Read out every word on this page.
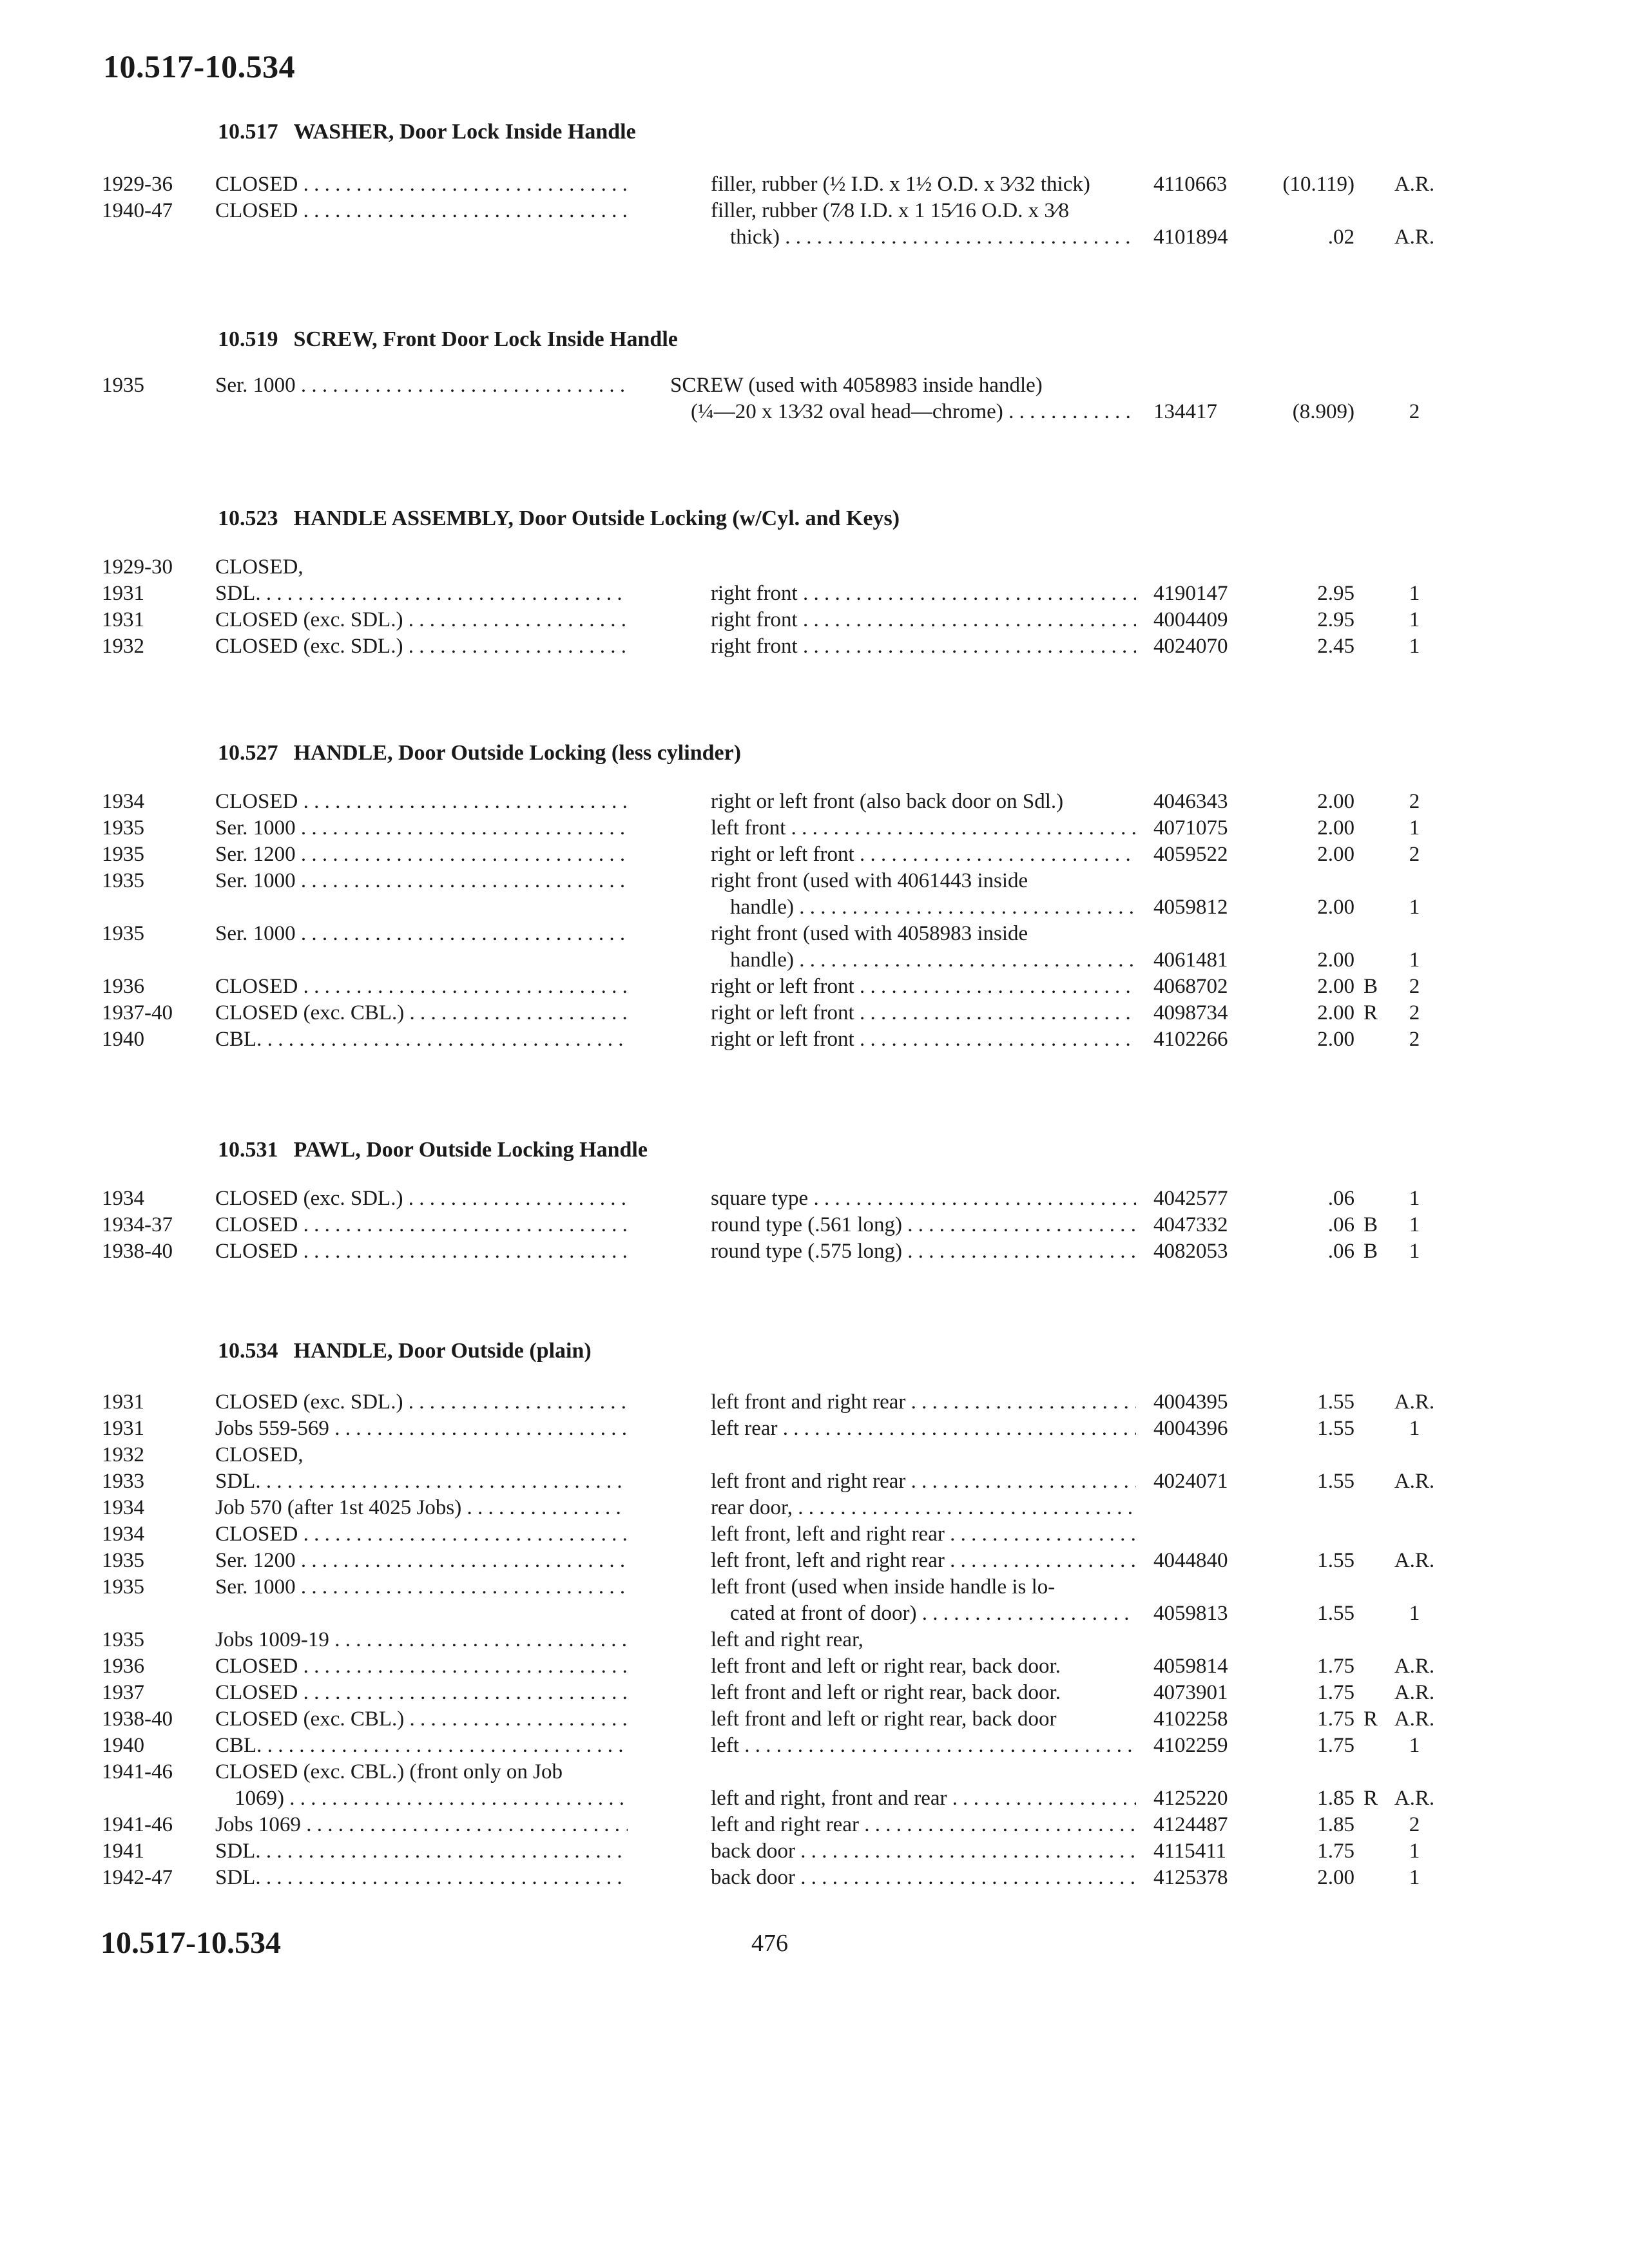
10.517-10.534
10.517 WASHER, Door Lock Inside Handle
1929-36	CLOSED . . .	filler, rubber (½ I.D. x 1½ O.D. x 3⁄32 thick)	4110663	(10.119)	A.R.
1940-47	CLOSED . . .	filler, rubber (7⁄8 I.D. x 1 15⁄16 O.D. x 3⁄8
thick) . . .	4101894	.02	A.R.
10.519 SCREW, Front Door Lock Inside Handle
1935	Ser. 1000 . . .	SCREW (used with 4058983 inside handle)
(¼—20 x 13⁄32 oval head—chrome) . . .	134417	(8.909)	2
10.523 HANDLE ASSEMBLY, Door Outside Locking (w/Cyl. and Keys)
1929-30	CLOSED,
1931	SDL. . . .	right front . . .	4190147	2.95	1
1931	CLOSED (exc. SDL.) . . .	right front . . .	4004409	2.95	1
1932	CLOSED (exc. SDL.) . . .	right front . . .	4024070	2.45	1
10.527 HANDLE, Door Outside Locking (less cylinder)
1934	CLOSED . . .	right or left front (also back door on Sdl.)	4046343	2.00	2
1935	Ser. 1000 . . .	left front . . .	4071075	2.00	1
1935	Ser. 1200 . . .	right or left front . . .	4059522	2.00	2
1935	Ser. 1000 . . .	right front (used with 4061443 inside
handle) . . .	4059812	2.00	1
1935	Ser. 1000 . . .	right front (used with 4058983 inside
handle) . . .	4061481	2.00	1
1936	CLOSED . . .	right or left front . . .	4068702	2.00 B	2
1937-40	CLOSED (exc. CBL.) . . .	right or left front . . .	4098734	2.00 R	2
1940	CBL. . . .	right or left front . . .	4102266	2.00	2
10.531 PAWL, Door Outside Locking Handle
1934	CLOSED (exc. SDL.) . . .	square type . . .	4042577	.06	1
1934-37	CLOSED . . .	round type (.561 long) . . .	4047332	.06 B	1
1938-40	CLOSED . . .	round type (.575 long) . . .	4082053	.06 B	1
10.534 HANDLE, Door Outside (plain)
1931	CLOSED (exc. SDL.) . . .	left front and right rear . . .	4004395	1.55	A.R.
1931	Jobs 559-569 . . .	left rear . . .	4004396	1.55	1
1932	CLOSED,
1933	SDL. . . .	left front and right rear . . .	4024071	1.55	A.R.
1934	Job 570 (after 1st 4025 Jobs) . . .	rear door, . . .
1934	CLOSED . . .	left front, left and right rear . . .
1935	Ser. 1200 . . .	left front, left and right rear . . .	4044840	1.55	A.R.
1935	Ser. 1000 . . .	left front (used when inside handle is lo-
cated at front of door) . . .	4059813	1.55	1
1935	Jobs 1009-19 . . .	left and right rear,
1936	CLOSED . . .	left front and left or right rear, back door.	4059814	1.75	A.R.
1937	CLOSED . . .	left front and left or right rear, back door.	4073901	1.75	A.R.
1938-40	CLOSED (exc. CBL.) . . .	left front and left or right rear, back door	4102258	1.75 R A.R.
1940	CBL. . . .	left . . .	4102259	1.75	1
1941-46	CLOSED (exc. CBL.) (front only on Job
1069) . . .	left and right, front and rear . . .	4125220	1.85 R A.R.
1941-46	Jobs 1069 . . .	left and right rear . . .	4124487	1.85	2
1941	SDL. . . .	back door . . .	4115411	1.75	1
1942-47	SDL. . . .	back door . . .	4125378	2.00	1
10.517-10.534	476
